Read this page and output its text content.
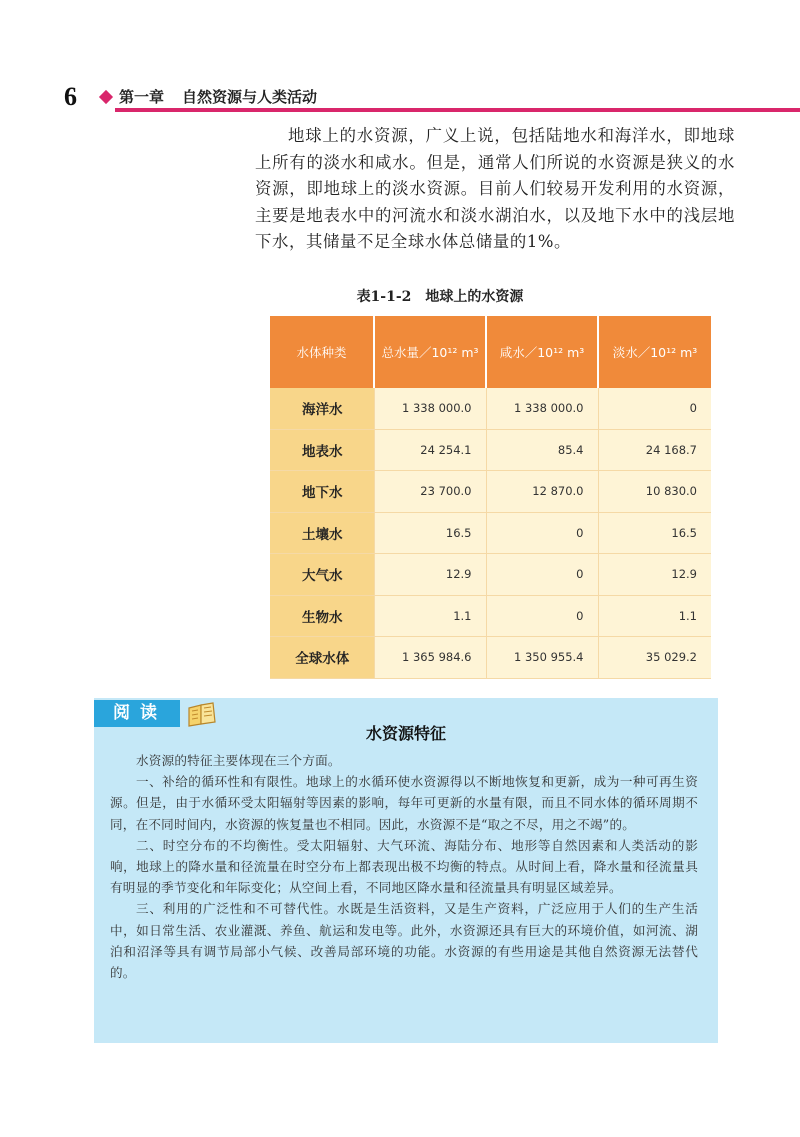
6	第一章 自然资源与人类活动
地球上的水资源，广义上说，包括陆地水和海洋水，即地球上所有的淡水和咸水。但是，通常人们所说的水资源是狭义的水资源，即地球上的淡水资源。目前人们较易开发利用的水资源，主要是地表水中的河流水和淡水湖泊水，以及地下水中的浅层地下水，其储量不足全球水体总储量的1%。
表1-1-2　地球上的水资源
水体种类	总水量／10¹² m³	咸水／10¹² m³	淡水／10¹² m³
海洋水	1 338 000.0	1 338 000.0	0
地表水	24 254.1	85.4	24 168.7
地下水	23 700.0	12 870.0	10 830.0
土壤水	16.5	0	16.5
大气水	12.9	0	12.9
生物水	1.1	0	1.1
全球水体	1 365 984.6	1 350 955.4	35 029.2
阅读
水资源特征

水资源的特征主要体现在三个方面。

一、补给的循环性和有限性。地球上的水循环使水资源得以不断地恢复和更新，成为一种可再生资源。但是，由于水循环受太阳辐射等因素的影响，每年可更新的水量有限，而且不同水体的循环周期不同，在不同时间内，水资源的恢复量也不相同。因此，水资源不是“取之不尽，用之不竭”的。

二、时空分布的不均衡性。受太阳辐射、大气环流、海陆分布、地形等自然因素和人类活动的影响，地球上的降水量和径流量在时空分布上都表现出极不均衡的特点。从时间上看，降水量和径流量具有明显的季节变化和年际变化；从空间上看，不同地区降水量和径流量具有明显区域差异。

三、利用的广泛性和不可替代性。水既是生活资料，又是生产资料，广泛应用于人们的生产生活中，如日常生活、农业灌溉、养鱼、航运和发电等。此外，水资源还具有巨大的环境价值，如河流、湖泊和沼泽等具有调节局部小气候、改善局部环境的功能。水资源的有些用途是其他自然资源无法替代的。
